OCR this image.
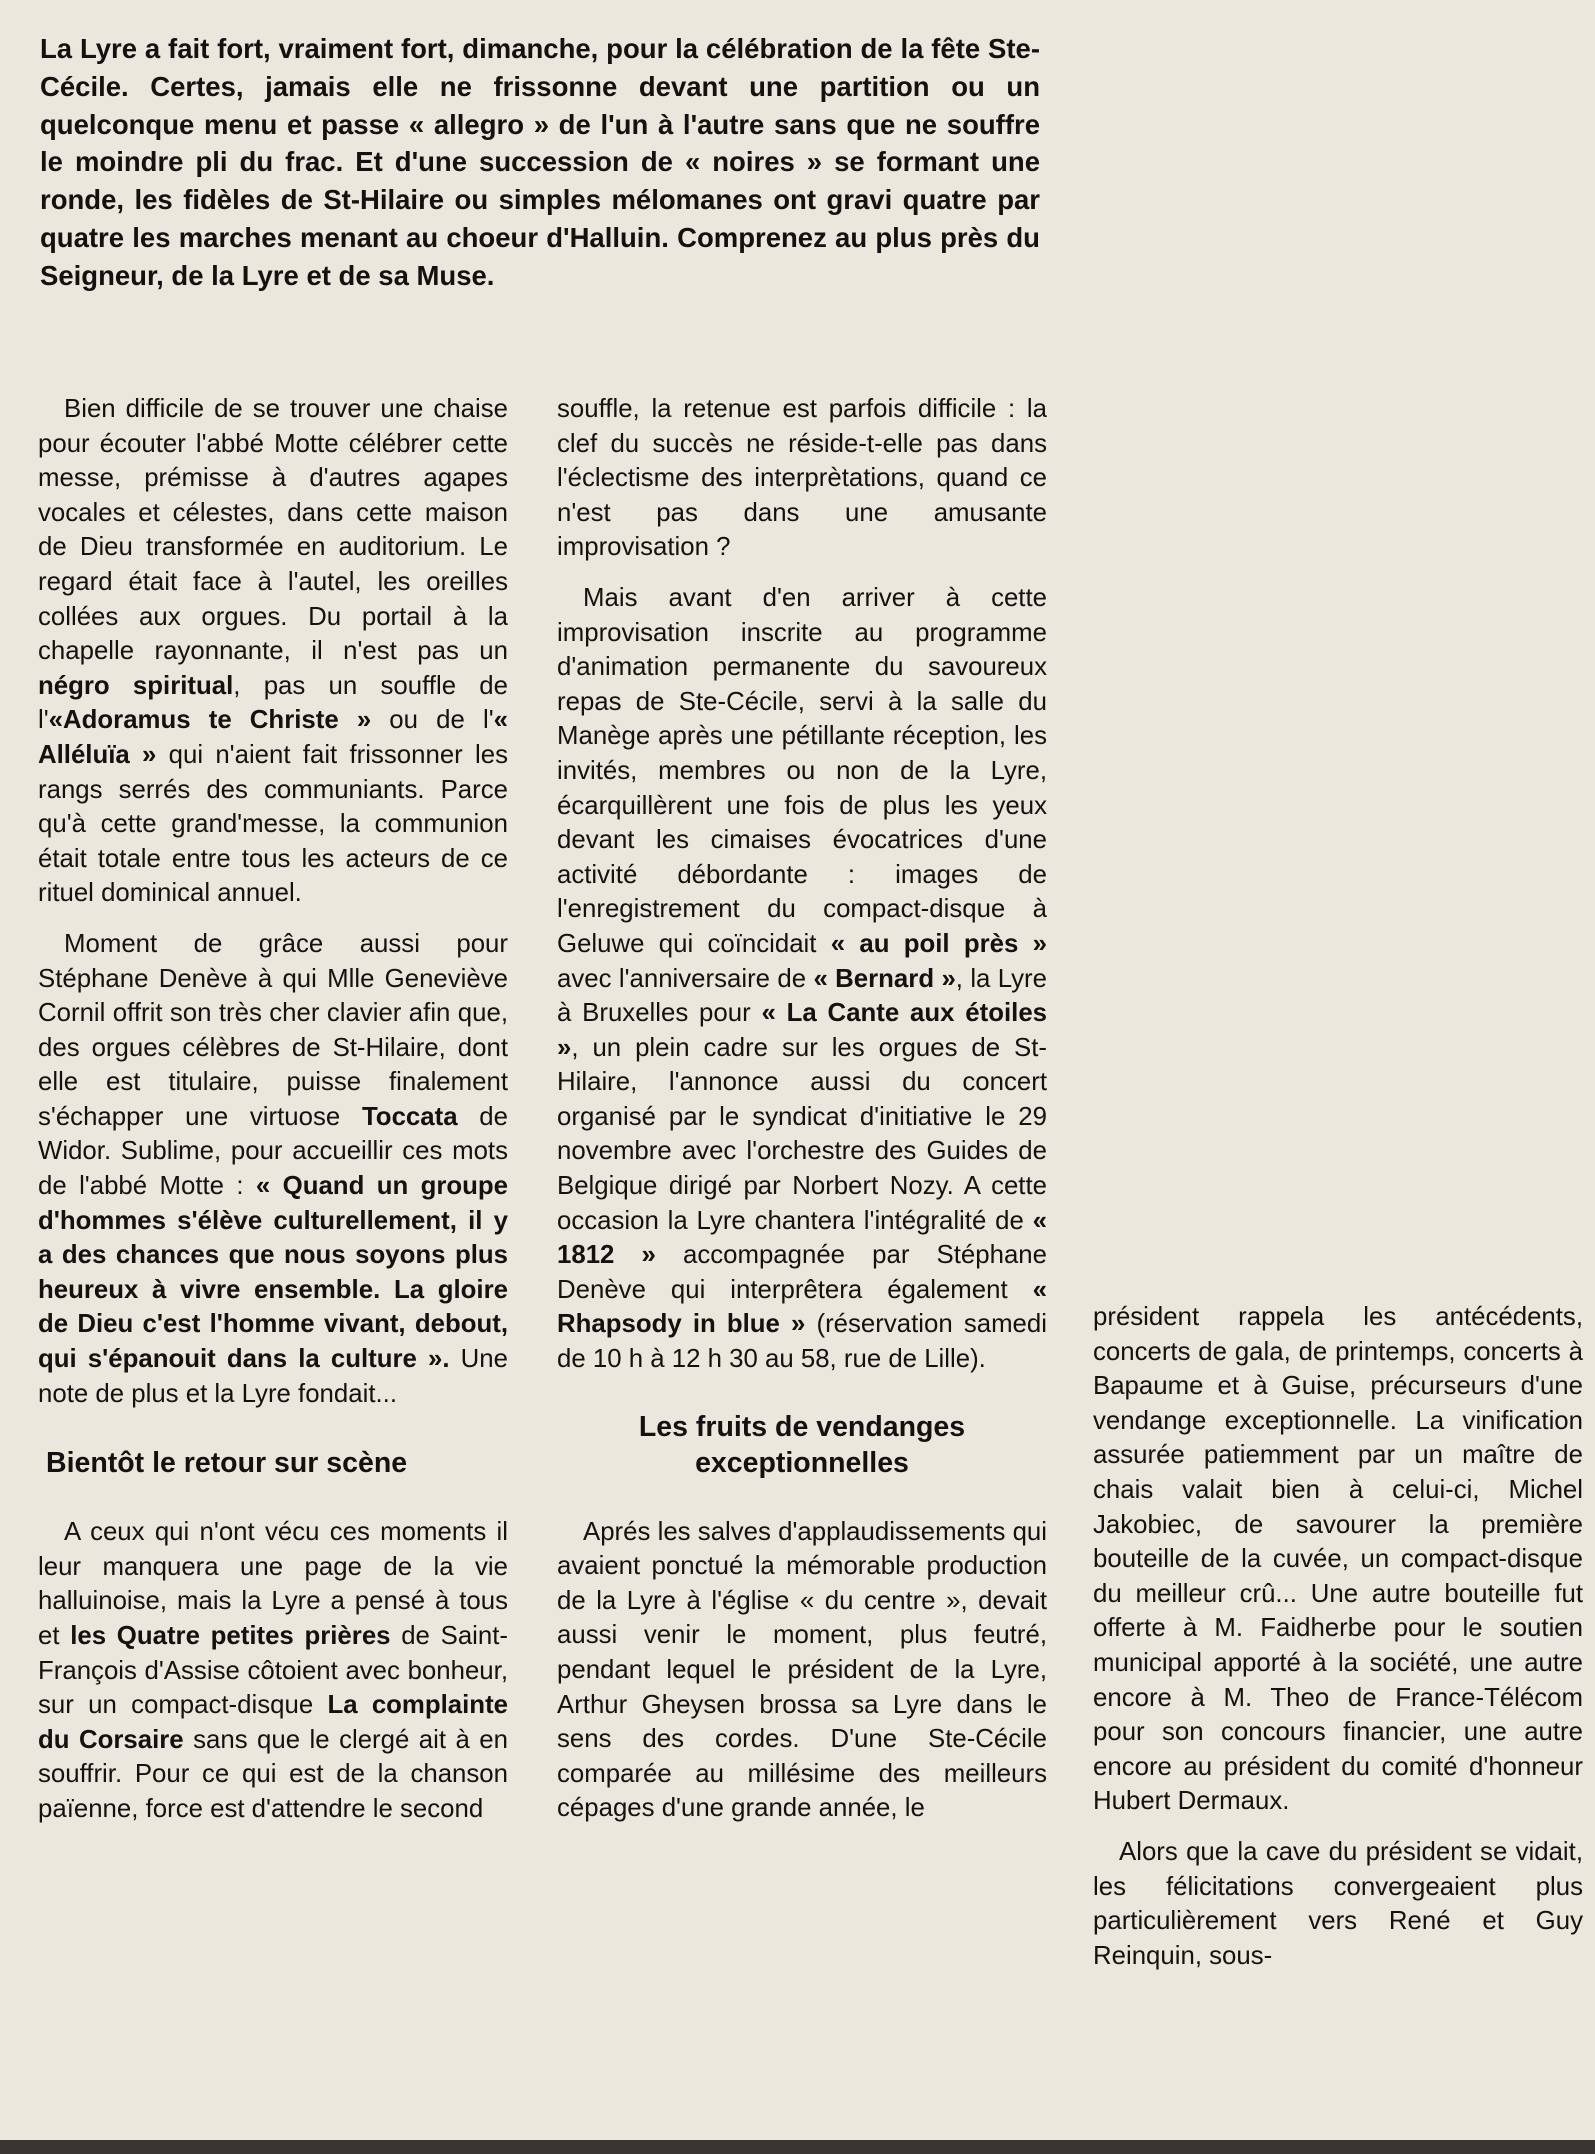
La Lyre a fait fort, vraiment fort, dimanche, pour la célébration de la fête Ste-Cécile. Certes, jamais elle ne frissonne devant une partition ou un quelconque menu et passe « allegro » de l'un à l'autre sans que ne souffre le moindre pli du frac. Et d'une succession de « noires » se formant une ronde, les fidèles de St-Hilaire ou simples mélomanes ont gravi quatre par quatre les marches menant au choeur d'Halluin. Comprenez au plus près du Seigneur, de la Lyre et de sa Muse.

Bien difficile de se trouver une chaise pour écouter l'abbé Motte célébrer cette messe, prémisse à d'autres agapes vocales et célestes, dans cette maison de Dieu transformée en auditorium. Le regard était face à l'autel, les oreilles collées aux orgues. Du portail à la chapelle rayonnante, il n'est pas un négro spiritual, pas un souffle de l'«Adoramus te Christe » ou de l'« Alléluïa » qui n'aient fait frissonner les rangs serrés des communiants. Parce qu'à cette grand'messe, la communion était totale entre tous les acteurs de ce rituel dominical annuel.

Moment de grâce aussi pour Stéphane Denève à qui Mlle Geneviève Cornil offrit son très cher clavier afin que, des orgues célèbres de St-Hilaire, dont elle est titulaire, puisse finalement s'échapper une virtuose Toccata de Widor. Sublime, pour accueillir ces mots de l'abbé Motte : « Quand un groupe d'hommes s'élève culturellement, il y a des chances que nous soyons plus heureux à vivre ensemble. La gloire de Dieu c'est l'homme vivant, debout, qui s'épanouit dans la culture ». Une note de plus et la Lyre fondait...

Bientôt le retour sur scène

A ceux qui n'ont vécu ces moments il leur manquera une page de la vie halluinoise, mais la Lyre a pensé à tous et les Quatre petites prières de Saint- François d'Assise côtoient avec bonheur, sur un compact-disque La complainte du Corsaire sans que le clergé ait à en souffrir. Pour ce qui est de la chanson païenne, force est d'attendre le second

souffle, la retenue est parfois difficile : la clef du succès ne réside-t-elle pas dans l'éclectisme des interprètations, quand ce n'est pas dans une amusante improvisation ?

Mais avant d'en arriver à cette improvisation inscrite au programme d'animation permanente du savoureux repas de Ste-Cécile, servi à la salle du Manège après une pétillante réception, les invités, membres ou non de la Lyre, écarquillèrent une fois de plus les yeux devant les cimaises évocatrices d'une activité débordante : images de l'enregistrement du compact-disque à Geluwe qui coïncidait « au poil près » avec l'anniversaire de « Bernard », la Lyre à Bruxelles pour « La Cante aux étoiles », un plein cadre sur les orgues de St-Hilaire, l'annonce aussi du concert organisé par le syndicat d'initiative le 29 novembre avec l'orchestre des Guides de Belgique dirigé par Norbert Nozy. A cette occasion la Lyre chantera l'intégralité de « 1812 » accompagnée par Stéphane Denève qui interprêtera également « Rhapsody in blue » (réservation samedi de 10 h à 12 h 30 au 58, rue de Lille).

Les fruits de vendanges exceptionnelles

Aprés les salves d'applaudissements qui avaient ponctué la mémorable production de la Lyre à l'église « du centre », devait aussi venir le moment, plus feutré, pendant lequel le président de la Lyre, Arthur Gheysen brossa sa Lyre dans le sens des cordes. D'une Ste-Cécile comparée au millésime des meilleurs cépages d'une grande année, le

président rappela les antécédents, concerts de gala, de printemps, concerts à Bapaume et à Guise, précurseurs d'une vendange exceptionnelle. La vinification assurée patiemment par un maître de chais valait bien à celui-ci, Michel Jakobiec, de savourer la première bouteille de la cuvée, un compact-disque du meilleur crû... Une autre bouteille fut offerte à M. Faidherbe pour le soutien municipal apporté à la société, une autre encore à M. Theo de France-Télécom pour son concours financier, une autre encore au président du comité d'honneur Hubert Dermaux.

Alors que la cave du président se vidait, les félicitations convergeaient plus particulièrement vers René et Guy Reinquin, sous-
